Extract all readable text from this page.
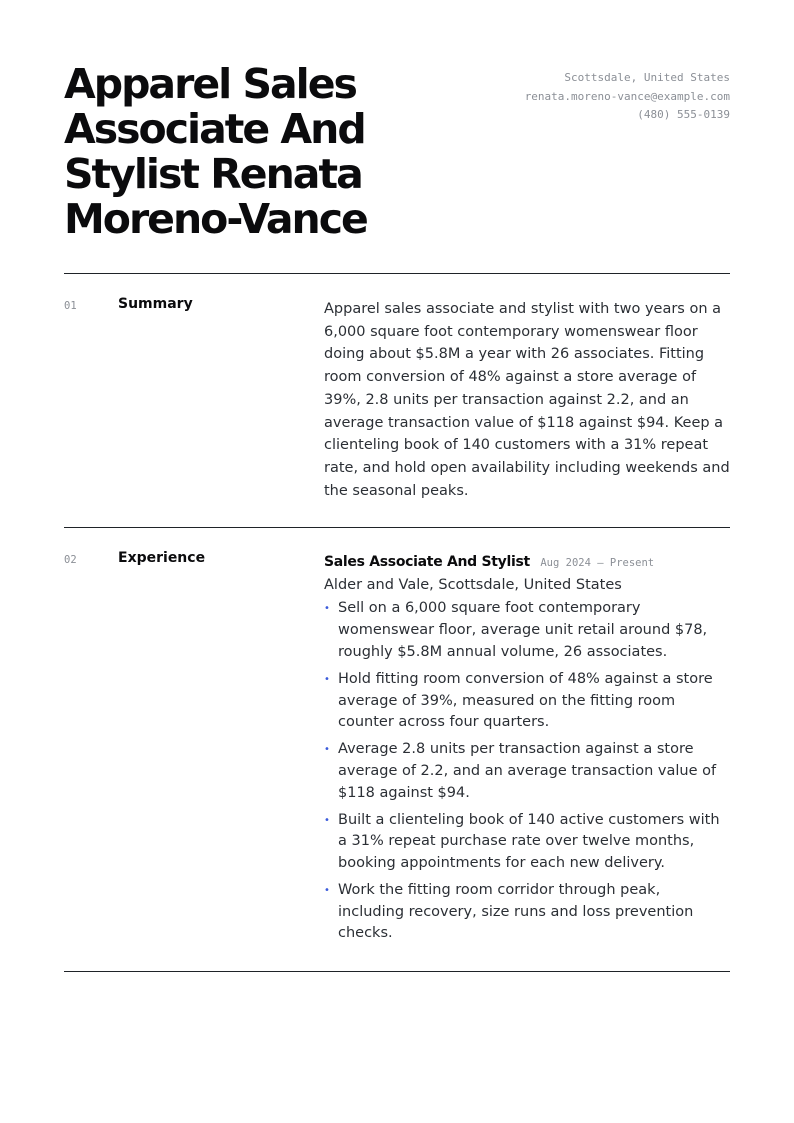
Apparel Sales Associate And Stylist Renata Moreno-Vance
Scottsdale, United States
renata.moreno-vance@example.com
(480) 555-0139
01	Summary	Apparel sales associate and stylist with two years on a 6,000 square foot contemporary womenswear floor doing about $5.8M a year with 26 associates. Fitting room conversion of 48% against a store average of 39%, 2.8 units per transaction against 2.2, and an average transaction value of $118 against $94. Keep a clienteling book of 140 customers with a 31% repeat rate, and hold open availability including weekends and the seasonal peaks.

02	Experience	Sales Associate And Stylist Aug 2024 — Present
Alder and Vale, Scottsdale, United States
• Sell on a 6,000 square foot contemporary womenswear floor, average unit retail around $78, roughly $5.8M annual volume, 26 associates.
• Hold fitting room conversion of 48% against a store average of 39%, measured on the fitting room counter across four quarters.
• Average 2.8 units per transaction against a store average of 2.2, and an average transaction value of $118 against $94.
• Built a clienteling book of 140 active customers with a 31% repeat purchase rate over twelve months, booking appointments for each new delivery.
• Work the fitting room corridor through peak, including recovery, size runs and loss prevention checks.
